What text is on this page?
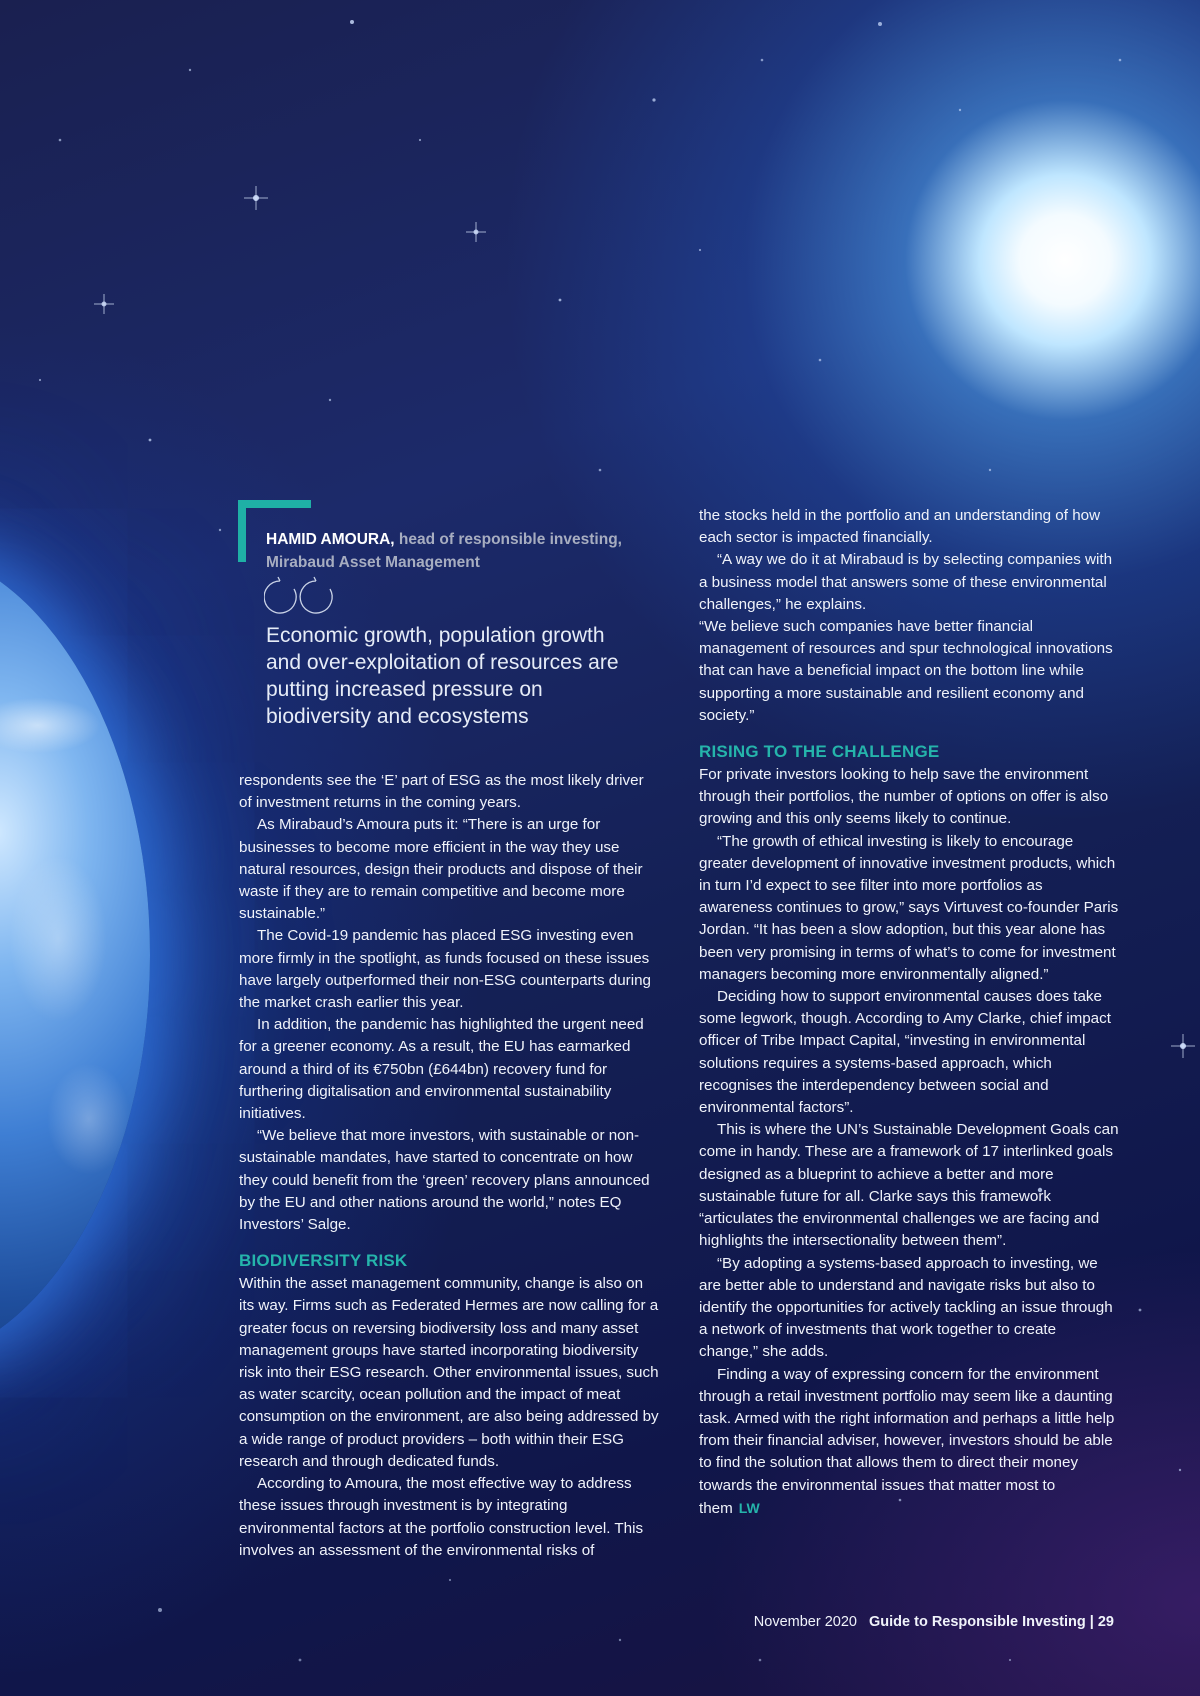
HAMID AMOURA, head of responsible investing, Mirabaud Asset Management
Economic growth, population growth and over-exploitation of resources are putting increased pressure on biodiversity and ecosystems

respondents see the ‘E’ part of ESG as the most likely driver of investment returns in the coming years.

As Mirabaud’s Amoura puts it: “There is an urge for businesses to become more efficient in the way they use natural resources, design their products and dispose of their waste if they are to remain competitive and become more sustainable.”

The Covid-19 pandemic has placed ESG investing even more firmly in the spotlight, as funds focused on these issues have largely outperformed their non-ESG counterparts during the market crash earlier this year.

In addition, the pandemic has highlighted the urgent need for a greener economy. As a result, the EU has earmarked around a third of its €750bn (£644bn) recovery fund for furthering digitalisation and environmental sustainability initiatives.

“We believe that more investors, with sustainable or non-sustainable mandates, have started to concentrate on how they could benefit from the ‘green’ recovery plans announced by the EU and other nations around the world,” notes EQ Investors’ Salge.

BIODIVERSITY RISK

Within the asset management community, change is also on its way. Firms such as Federated Hermes are now calling for a greater focus on reversing biodiversity loss and many asset management groups have started incorporating biodiversity risk into their ESG research. Other environmental issues, such as water scarcity, ocean pollution and the impact of meat consumption on the environment, are also being addressed by a wide range of product providers – both within their ESG research and through dedicated funds.

According to Amoura, the most effective way to address these issues through investment is by integrating environmental factors at the portfolio construction level. This involves an assessment of the environmental risks of

the stocks held in the portfolio and an understanding of how each sector is impacted financially.

“A way we do it at Mirabaud is by selecting companies with a business model that answers some of these environmental challenges,” he explains.

“We believe such companies have better financial management of resources and spur technological innovations that can have a beneficial impact on the bottom line while supporting a more sustainable and resilient economy and society.”

RISING TO THE CHALLENGE

For private investors looking to help save the environment through their portfolios, the number of options on offer is also growing and this only seems likely to continue.

“The growth of ethical investing is likely to encourage greater development of innovative investment products, which in turn I’d expect to see filter into more portfolios as awareness continues to grow,” says Virtuvest co-founder Paris Jordan. “It has been a slow adoption, but this year alone has been very promising in terms of what’s to come for investment managers becoming more environmentally aligned.”

Deciding how to support environmental causes does take some legwork, though. According to Amy Clarke, chief impact officer of Tribe Impact Capital, “investing in environmental solutions requires a systems-based approach, which recognises the interdependency between social and environmental factors”.

This is where the UN’s Sustainable Development Goals can come in handy. These are a framework of 17 interlinked goals designed as a blueprint to achieve a better and more sustainable future for all. Clarke says this framework “articulates the environmental challenges we are facing and highlights the intersectionality between them”.

“By adopting a systems-based approach to investing, we are better able to understand and navigate risks but also to identify the opportunities for actively tackling an issue through a network of investments that work together to create change,” she adds.

Finding a way of expressing concern for the environment through a retail investment portfolio may seem like a daunting task. Armed with the right information and perhaps a little help from their financial adviser, however, investors should be able to find the solution that allows them to direct their money towards the environmental issues that matter most to them LW

November 2020 Guide to Responsible Investing | 29
